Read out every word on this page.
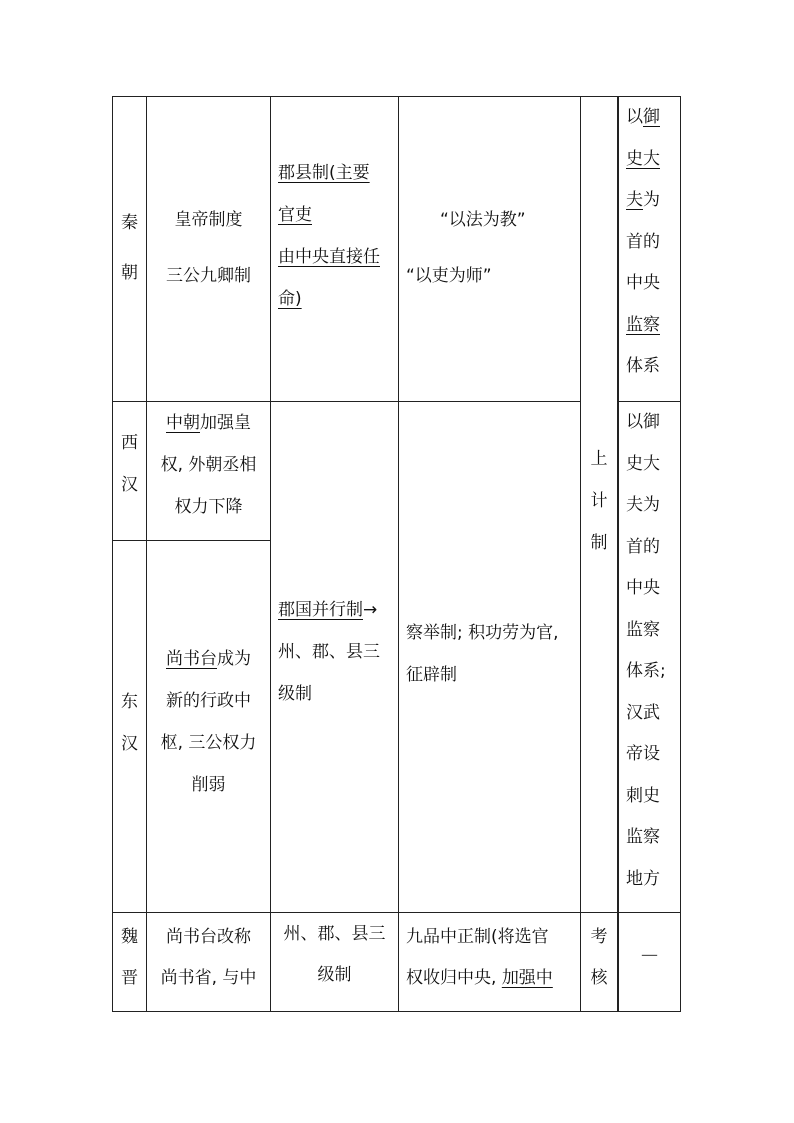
秦
朝
皇帝制度
三公九卿制
郡县制(主要
官吏
由中央直接任
命)
“以法为教”
“以吏为师”
以御
史大
夫为
首的
中央
监察
体系
西
汉
中朝加强皇
权, 外朝丞相
权力下降
东
汉
尚书台成为
新的行政中
枢, 三公权力
削弱
郡国并行制→
州、郡、县三
级制
察举制; 积功劳为官,
征辟制
上
计
制
以御
史大
夫为
首的
中央
监察
体系;
汉武
帝设
刺史
监察
地方
魏
晋
尚书台改称
尚书省, 与中
州、郡、县三
级制
九品中正制(将选官
权收归中央, 加强中
考
核
—
